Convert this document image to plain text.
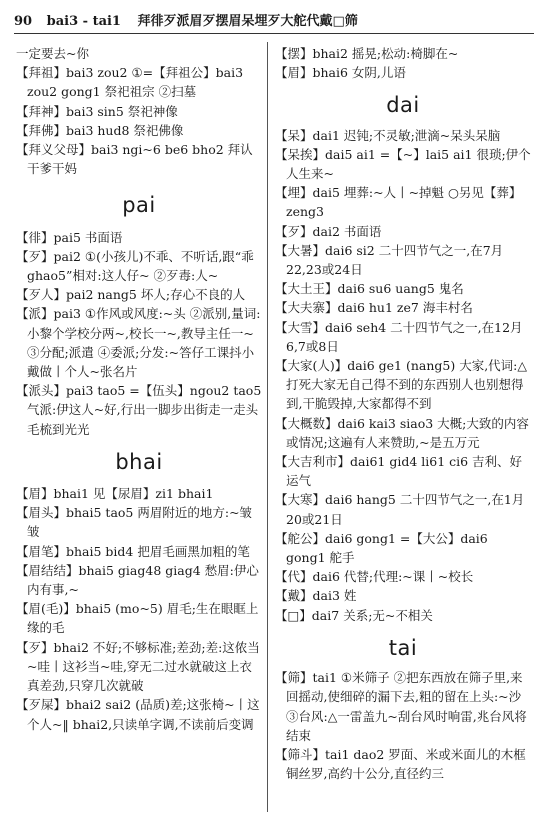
90 bai3 - tai1 拜徘歹派眉歹摆眉呆埋歹大舵代戴□筛

一定要去~你

【拜祖】bai3 zou2 ①=【拜祖公】bai3 zou2 gong1 祭祀祖宗 ②扫墓

【拜神】bai3 sin5 祭祀神像

【拜佛】bai3 hud8 祭祀佛像

【拜义父母】bai3 ngi~6 be6 bho2 拜认干爹干妈

pai

【徘】pai5 书面语

【歹】pai2 ①(小孩儿)不乖、不听话,跟“乖 ghao5”相对:这人仔~ ②歹毒:人~

【歹人】pai2 nang5 坏人;存心不良的人

【派】pai3 ①作风或风度:~头 ②派别,量词:小黎个学校分两~,校长一~,教导主任一~ ③分配;派遣 ④委派;分发:~答仔工课抖小戴做丨个人~张名片

【派头】pai3 tao5 =【伍头】ngou2 tao5 气派:伊这人~好,行出一脚步出街走一走头毛梳到光光

bhai

【眉】bhai1 见【尿眉】zi1 bhai1

【眉头】bhai5 tao5 两眉附近的地方:~皱皱

【眉笔】bhai5 bid4 把眉毛画黑加粗的笔

【眉结结】bhai5 giag48 giag4 愁眉:伊心内有事,~

【眉(毛)】bhai5 (mo~5) 眉毛;生在眼眶上缘的毛

【歹】bhai2 不好;不够标准;差劲;差:这侬当~哇丨这衫当~哇,穿无二过水就破这上衣真差劲,只穿几次就破

【歹屎】bhai2 sai2 (品质)差;这张椅~丨这个人~‖ bhai2,只读单字调,不读前后变调

【摆】bhai2 摇晃;松动:椅脚在~

【眉】bhai6 女阴,儿语

dai

【呆】dai1 迟钝;不灵敏;泄滴~呆头呆脑

【呆挨】dai5 ai1 =【~】lai5 ai1 很琐;伊个人生来~

【埋】dai5 埋葬:~人丨~掉魁 ○另见【葬】zeng3

【歹】dai2 书面语

【大暑】dai6 si2 二十四节气之一,在7月22,23或24日

【大土王】dai6 su6 uang5 鬼名

【大夫寨】dai6 hu1 ze7 海丰村名

【大雪】dai6 seh4 二十四节气之一,在12月6,7或8日

【大家(人)】dai6 ge1 (nang5) 大家,代词:△打死大家无自己得不到的东西别人也别想得到,干脆毁掉,大家都得不到

【大概数】dai6 kai3 siao3 大概;大致的内容或情况;这遍有人来赞助,~是五万元

【大吉利市】dai61 gid4 li61 ci6 吉利、好运气

【大寒】dai6 hang5 二十四节气之一,在1月20或21日

【舵公】dai6 gong1 =【大公】dai6 gong1 舵手

【代】dai6 代替;代理:~课丨~校长

【戴】dai3 姓

【□】dai7 关系;无~不相关

tai

【筛】tai1 ①米筛子 ②把东西放在筛子里,来回摇动,使细碎的漏下去,粗的留在上头:~沙 ③台风:△一雷盖九~刮台风时响雷,兆台风将结束

【筛斗】tai1 dao2 罗面、米或米面儿的木框铜丝罗,高约十公分,直径约三
